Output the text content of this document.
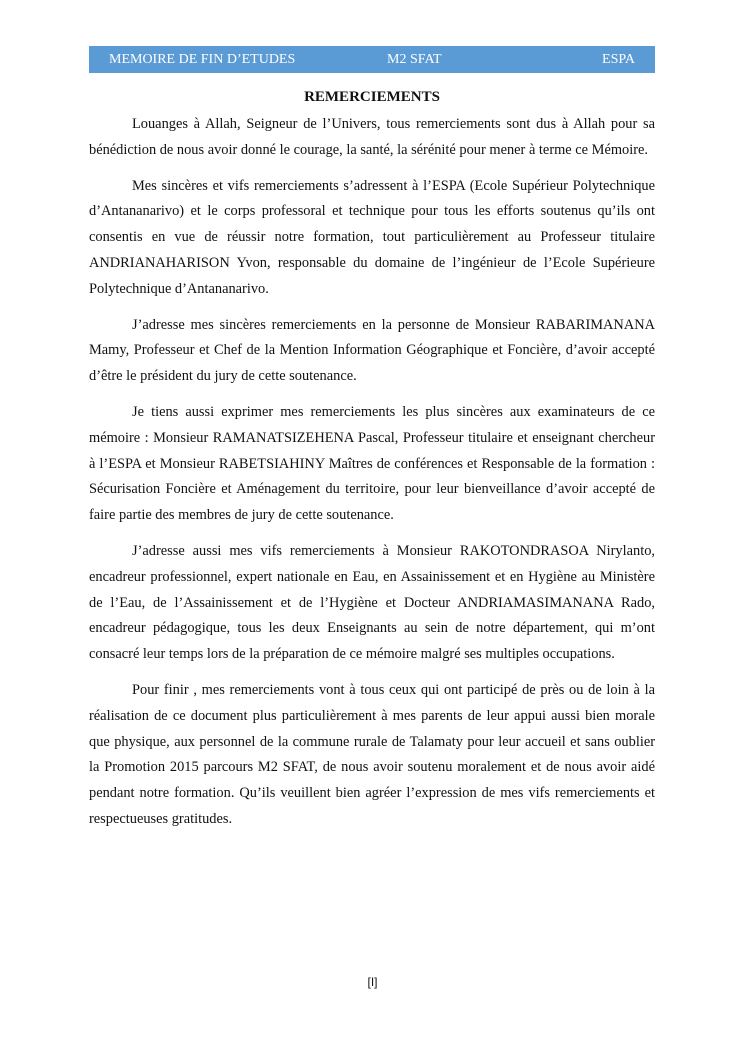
MEMOIRE DE FIN D’ETUDES	M2 SFAT	ESPA
REMERCIEMENTS

Louanges à Allah, Seigneur de l’Univers, tous remerciements sont dus à Allah pour sa bénédiction de nous avoir donné le courage, la santé, la sérénité pour mener à terme ce Mémoire.

Mes sincères et vifs remerciements s’adressent à l’ESPA (Ecole Supérieur Polytechnique d’Antananarivo) et le corps professoral et technique pour tous les efforts soutenus qu’ils ont consentis en vue de réussir notre formation, tout particulièrement au Professeur titulaire ANDRIANAHARISON Yvon, responsable du domaine de l’ingénieur de l’Ecole Supérieure Polytechnique d’Antananarivo.

J’adresse mes sincères remerciements en la personne de Monsieur RABARIMANANA Mamy, Professeur et Chef de la Mention Information Géographique et Foncière, d’avoir accepté d’être le président du jury de cette soutenance.

Je tiens aussi exprimer mes remerciements les plus sincères aux examinateurs de ce mémoire : Monsieur RAMANATSIZEHENA Pascal, Professeur titulaire et enseignant chercheur à l’ESPA et Monsieur RABETSIAHINY Maîtres de conférences et Responsable de la formation : Sécurisation Foncière et Aménagement du territoire, pour leur bienveillance d’avoir accepté de faire partie des membres de jury de cette soutenance.

J’adresse aussi mes vifs remerciements à Monsieur RAKOTONDRASOA Nirylanto, encadreur professionnel, expert nationale en Eau, en Assainissement et en Hygiène au Ministère de l’Eau, de l’Assainissement et de l’Hygiène et Docteur ANDRIAMASIMANANA Rado, encadreur pédagogique, tous les deux Enseignants au sein de notre département, qui m’ont consacré leur temps lors de la préparation de ce mémoire malgré ses multiples occupations.

Pour finir , mes remerciements vont à tous ceux qui ont participé de près ou de loin à la réalisation de ce document plus particulièrement à mes parents de leur appui aussi bien morale que physique, aux personnel de la commune rurale de Talamaty pour leur accueil et sans oublier la Promotion 2015 parcours M2 SFAT, de nous avoir soutenu moralement et de nous avoir aidé pendant notre formation. Qu’ils veuillent bien agréer l’expression de mes vifs remerciements et respectueuses gratitudes.

[I]
